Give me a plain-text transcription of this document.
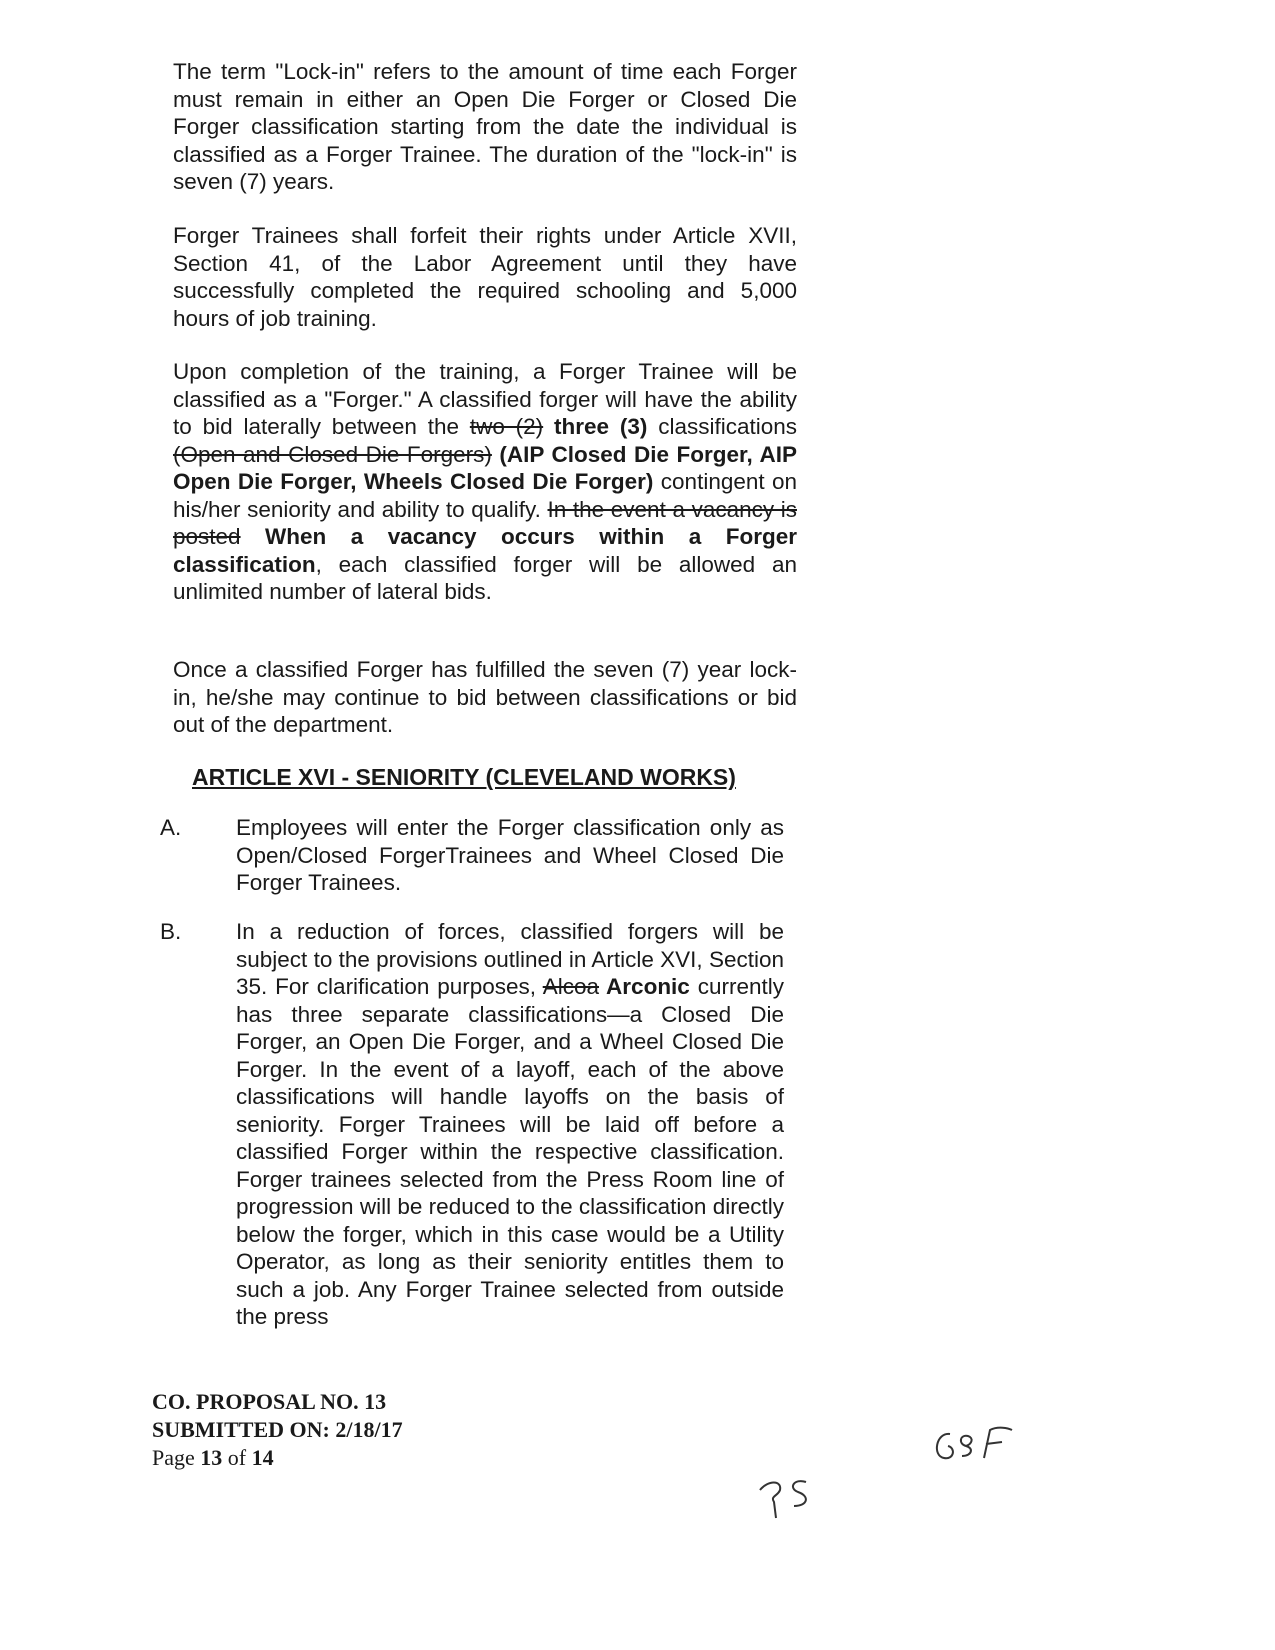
The term "Lock-in" refers to the amount of time each Forger must remain in either an Open Die Forger or Closed Die Forger classification starting from the date the individual is classified as a Forger Trainee. The duration of the "lock-in" is seven (7) years.
Forger Trainees shall forfeit their rights under Article XVII, Section 41, of the Labor Agreement until they have successfully completed the required schooling and 5,000 hours of job training.
Upon completion of the training, a Forger Trainee will be classified as a "Forger." A classified forger will have the ability to bid laterally between the two (2) three (3) classifications (Open and Closed Die Forgers) (AIP Closed Die Forger, AIP Open Die Forger, Wheels Closed Die Forger) contingent on his/her seniority and ability to qualify. In the event a vacancy is posted When a vacancy occurs within a Forger classification, each classified forger will be allowed an unlimited number of lateral bids.
Once a classified Forger has fulfilled the seven (7) year lock-in, he/she may continue to bid between classifications or bid out of the department.
ARTICLE XVI - SENIORITY (CLEVELAND WORKS)
A. Employees will enter the Forger classification only as Open/Closed ForgerTrainees and Wheel Closed Die Forger Trainees.
B. In a reduction of forces, classified forgers will be subject to the provisions outlined in Article XVI, Section 35. For clarification purposes, Alcoa Arconic currently has three separate classifications—a Closed Die Forger, an Open Die Forger, and a Wheel Closed Die Forger. In the event of a layoff, each of the above classifications will handle layoffs on the basis of seniority. Forger Trainees will be laid off before a classified Forger within the respective classification. Forger trainees selected from the Press Room line of progression will be reduced to the classification directly below the forger, which in this case would be a Utility Operator, as long as their seniority entitles them to such a job. Any Forger Trainee selected from outside the press
CO. PROPOSAL NO. 13
SUBMITTED ON: 2/18/17
Page 13 of 14
